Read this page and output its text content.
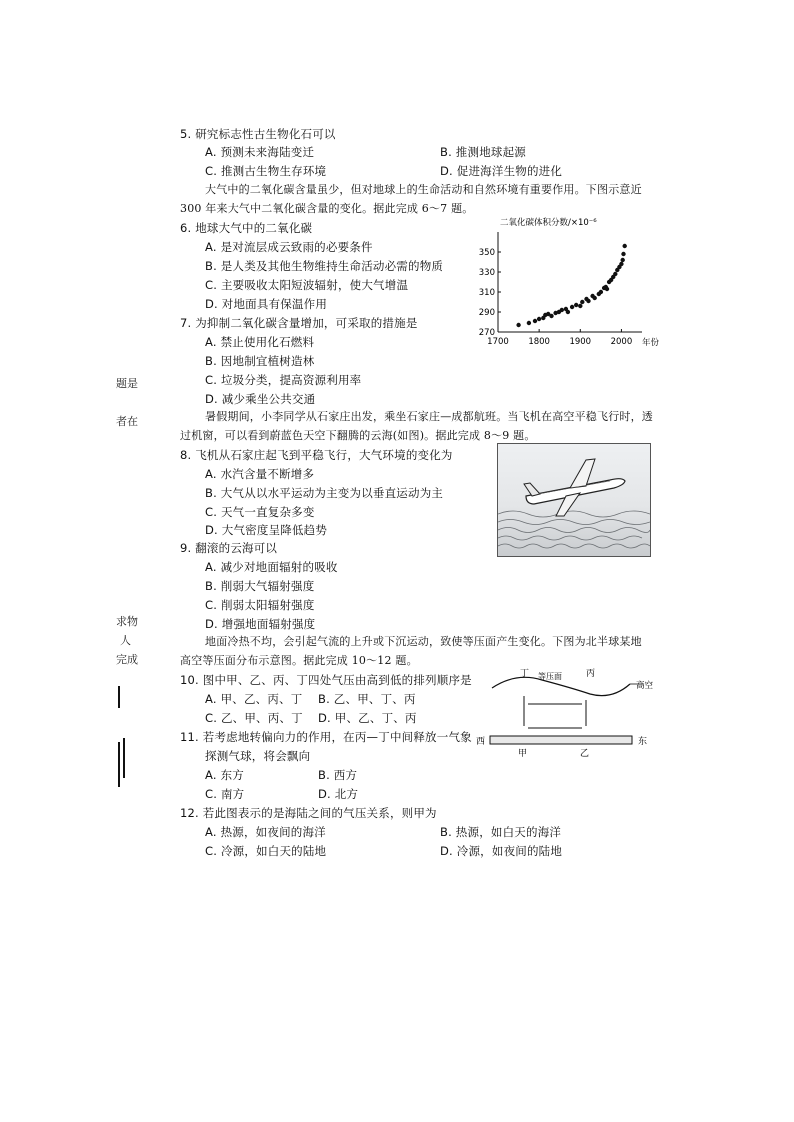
题是
者在
求物
人
完成
5. 研究标志性古生物化石可以
A. 预测未来海陆变迁	B. 推测地球起源
C. 推测古生物生存环境	D. 促进海洋生物的进化
大气中的二氧化碳含量虽少，但对地球上的生命活动和自然环境有重要作用。下图示意近
300 年来大气中二氧化碳含量的变化。据此完成 6～7 题。
6. 地球大气中的二氧化碳
A. 是对流层成云致雨的必要条件
B. 是人类及其他生物维持生命活动必需的物质
C. 主要吸收太阳短波辐射，使大气增温
D. 对地面具有保温作用
7. 为抑制二氧化碳含量增加，可采取的措施是
A. 禁止使用化石燃料
B. 因地制宜植树造林
C. 垃圾分类，提高资源利用率
D. 减少乘坐公共交通
暑假期间，小李同学从石家庄出发，乘坐石家庄—成都航班。当飞机在高空平稳飞行时，透
过机窗，可以看到蔚蓝色天空下翻腾的云海(如图)。据此完成 8～9 题。
8. 飞机从石家庄起飞到平稳飞行，大气环境的变化为
A. 水汽含量不断增多
B. 大气从以水平运动为主变为以垂直运动为主
C. 天气一直复杂多变
D. 大气密度呈降低趋势
9. 翻滚的云海可以
A. 减少对地面辐射的吸收
B. 削弱大气辐射强度
C. 削弱太阳辐射强度
D. 增强地面辐射强度
地面冷热不均，会引起气流的上升或下沉运动，致使等压面产生变化。下图为北半球某地
高空等压面分布示意图。据此完成 10～12 题。
10. 图中甲、乙、丙、丁四处气压由高到低的排列顺序是
A. 甲、乙、丙、丁 B. 乙、甲、丁、丙
C. 乙、甲、丙、丁 D. 甲、乙、丁、丙
11. 若考虑地转偏向力的作用，在丙—丁中间释放一气象
探测气球，将会飘向
A. 东方	B. 西方
C. 南方	D. 北方
12. 若此图表示的是海陆之间的气压关系，则甲为
A. 热源，如夜间的海洋	B. 热源，如白天的海洋
C. 冷源，如白天的陆地	D. 冷源，如夜间的陆地
二氧化碳体积分数/×10⁻⁶
年份
1700 1800 1900 2000
270
290
310
330
350
丁 等压面	丙
高空
西	东
甲	乙
